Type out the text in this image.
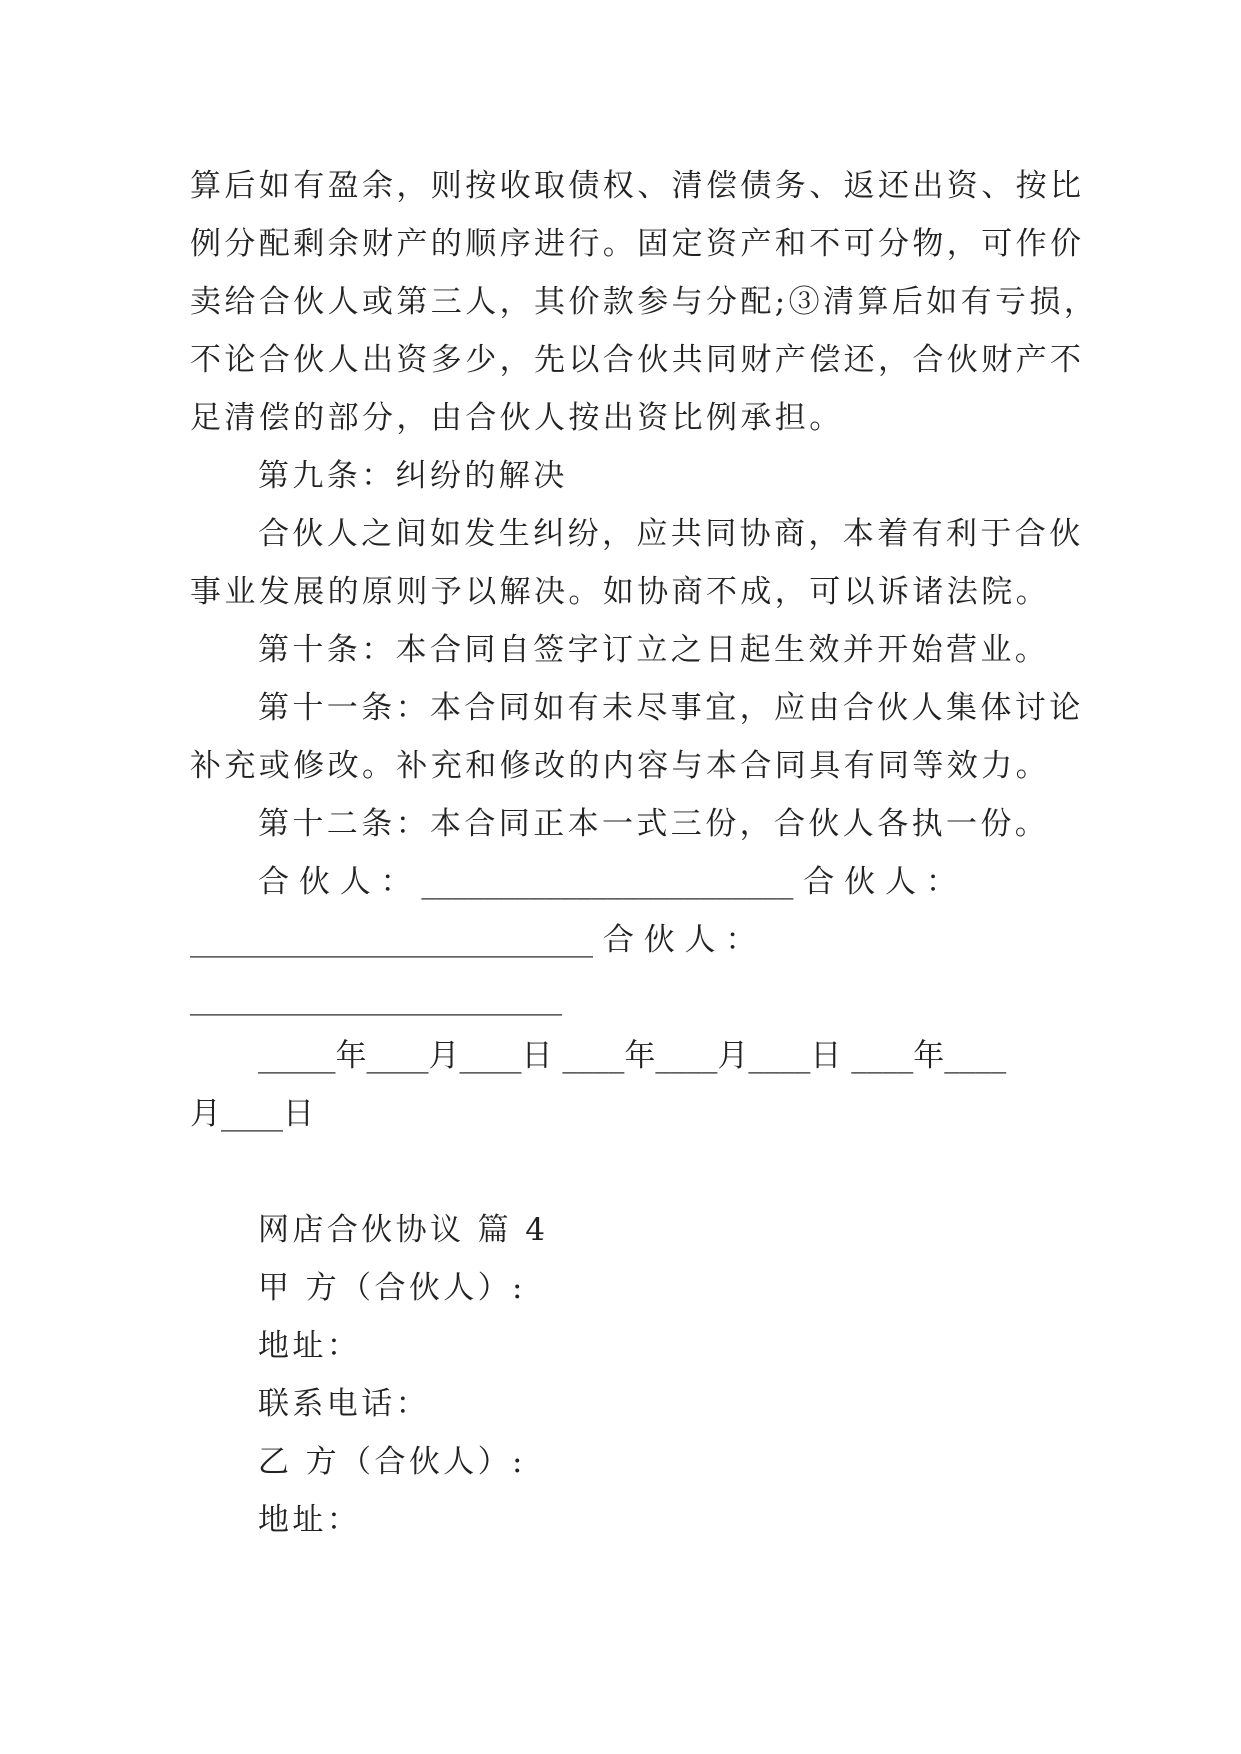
算后如有盈余，则按收取债权、清偿债务、返还出资、按比
例分配剩余财产的顺序进行。固定资产和不可分物，可作价
卖给合伙人或第三人，其价款参与分配;③清算后如有亏损，
不论合伙人出资多少，先以合伙共同财产偿还，合伙财产不
足清偿的部分，由合伙人按出资比例承担。
第九条：纠纷的解决
合伙人之间如发生纠纷，应共同协商，本着有利于合伙
事业发展的原则予以解决。如协商不成，可以诉诸法院。
第十条：本合同自签字订立之日起生效并开始营业。
第十一条：本合同如有未尽事宜，应由合伙人集体讨论
补充或修改。补充和修改的内容与本合同具有同等效力。
第十二条：本合同正本一式三份，合伙人各执一份。
合 伙 人 ： ________________________ 合 伙 人 ：
__________________________ 合 伙 人 ：
________________________
_____年____月____日 ____年____月____日 ____年____
月____日
网店合伙协议 篇 4
甲 方（合伙人）:
地址：
联系电话：
乙 方（合伙人）:
地址：
